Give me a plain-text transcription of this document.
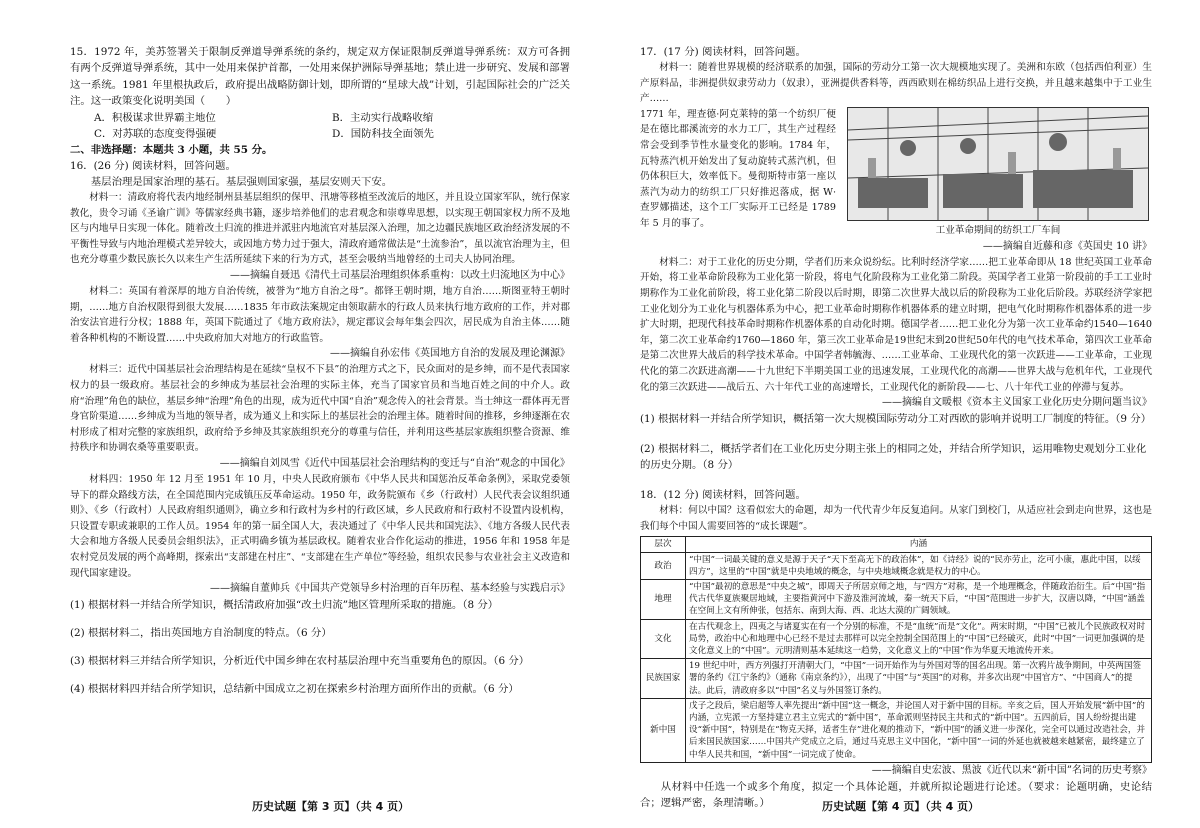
15．1972 年，美苏签署关于限制反弹道导弹系统的条约，规定双方保证限制反弹道导弹系统：双方可各拥有两个反弹道导弹系统，其中一处用来保护首都，一处用来保护洲际导弹基地；禁止进一步研究、发展和部署这一系统。1981 年里根执政后，政府提出战略防御计划，即所谓的“星球大战”计划，引起国际社会的广泛关注。这一政策变化说明美国（　　）

A．积极谋求世界霸主地位	B．主动实行战略收缩
C．对苏联的态度变得强硬	D．国防科技全面领先

二、非选择题：本题共 3 小题，共 55 分。

16．(26 分) 阅读材料，回答问题。

基层治理是国家治理的基石。基层强则国家强，基层安则天下安。

材料一：清政府将代表内地经制州县基层组织的保甲、汛塘等移植至改流后的地区，并且设立国家军队，统行保家教化，贵令习诵《圣谕广训》等儒家经典书籍，逐步培养他们的忠君观念和崇尊卑思想，以实现王朝国家权力所不及地区与内地早日实现一体化。随着改土归流的推进并派驻内地流官对基层深入治理，加之边疆民族地区政治经济发展的不平衡性导致与内地治理模式差异较大，或因地方势力过于强大，清政府通常做法是“土流参治”，虽以流官治理为主，但也充分尊重少数民族长久以来生产生活所延续下来的行为方式，甚至会吸纳当地曾经的土司夫人协同治理。

——摘编自聂迅《清代土司基层治理组织体系重构：以改土归流地区为中心》

材料二：英国有着深厚的地方自治传统，被誉为“地方自治之母”。都铎王朝时期，地方自治……斯图亚特王朝时期，……地方自治权限得到很大发展……1835 年市政法案规定由领取薪水的行政人员来执行地方政府的工作，并对郡治安法官进行分权；1888 年，英国下院通过了《地方政府法》，规定郡议会每年集会四次，居民成为自治主体……随着各种机构的不断设置……中央政府加大对地方的行政监管。

——摘编自孙宏伟《英国地方自治的发展及理论渊源》

材料三：近代中国基层社会治理结构是在延续“皇权不下县”的治理方式之下，民众面对的是乡绅，而不是代表国家权力的县一级政府。基层社会的乡绅成为基层社会治理的实际主体，充当了国家官员和当地百姓之间的中介人。政府“治理”角色的缺位，基层乡绅“治理”角色的出现，成为近代中国“自治”观念传入的社会背景。当士绅这一群体再无晋身官阶渠道……乡绅成为当地的领导者，成为通义上和实际上的基层社会的治理主体。随着时间的推移，乡绅逐渐在农村形成了相对完整的家族组织，政府给予乡绅及其家族组织充分的尊重与信任，并利用这些基层家族组织整合资源、维持秩序和协调农桑等重要职责。

——摘编自刘凤雪《近代中国基层社会治理结构的变迁与“自治”观念的中国化》

材料四：1950 年 12 月至 1951 年 10 月，中央人民政府颁布《中华人民共和国惩治反革命条例》，采取党委领导下的群众路线方法，在全国范围内完成镇压反革命运动。1950 年，政务院颁布《乡（行政村）人民代表会议组织通则》、《乡（行政村）人民政府组织通则》，确立乡和行政村为乡村的行政区域，乡人民政府和行政村不设置内设机构，只设置专职或兼职的工作人员。1954 年的第一届全国人大，表决通过了《中华人民共和国宪法》、《地方各级人民代表大会和地方各级人民委员会组织法》，正式明确乡镇为基层政权。随着农业合作化运动的推进，1956 年和 1958 年是农村党员发展的两个高峰期，探索出“支部建在村庄”、“支部建在生产单位”等经验，组织农民参与农业社会主义改造和现代国家建设。

——摘编自董帅兵《中国共产党领导乡村治理的百年历程、基本经验与实践启示》

(1) 根据材料一并结合所学知识，概括清政府加强“改土归流”地区管理所采取的措施。（8 分）

(2) 根据材料二，指出英国地方自治制度的特点。（6 分）

(3) 根据材料三并结合所学知识，分析近代中国乡绅在农村基层治理中充当重要角色的原因。（6 分）

(4) 根据材料四并结合所学知识，总结新中国成立之初在探索乡村治理方面所作出的贡献。（6 分）

历史试题【第 3 页】（共 4 页）

17．(17 分) 阅读材料，回答问题。

材料一：随着世界规模的经济联系的加强，国际的劳动分工第一次大规模地实现了。美洲和东欧（包括西伯利亚）生产原料品，非洲提供奴隶劳动力（奴隶），亚洲提供香料等，西西欧则在棉纺织品上进行交换，并且越来越集中于工业生产……

1771 年，理查德·阿克莱特的第一个纺织厂便是在德比郡溪流旁的水力工厂，其生产过程经常会受到季节性水量变化的影响。1784 年，瓦特蒸汽机开始发出了复动旋转式蒸汽机，但仍体积巨大，效率低下。曼彻斯特市第一座以蒸汽为动力的纺织工厂只好推迟落成，据 W·查罗娜描述，这个工厂实际开工已经是 1789 年 5 月的事了。

工业革命期间的纺织工厂车间

——摘编自近藤和彦《英国史 10 讲》

材料二：对于工业化的历史分期，学者们历来众说纷纭。比利时经济学家……把工业革命即从 18 世纪英国工业革命开始，将工业革命阶段称为工业化第一阶段，将电气化阶段称为工业化第二阶段。英国学者工业第一阶段前的手工工业时期称作为工业化前阶段，将工业化第二阶段以后时期，即第二次世界大战以后的阶段称为工业化后阶段。苏联经济学家把工业化划分为工业化与机器体系为中心，把工业革命时期称作机器体系的建立时期，把电气化时期称作机器体系的进一步扩大时期，把现代科技革命时期称作机器体系的自动化时期。德国学者……把工业化分为第一次工业革命约1540—1640 年，第二次工业革命约1760—1860 年，第三次工业革命是19世纪末到20世纪50年代的电气技术革命，第四次工业革命是第二次世界大战后的科学技术革命。中国学者韩毓海、……工业革命、工业现代化的第一次跃进——工业革命，工业现代化的第二次跃进高潮——十九世纪下半期美国工业的迅速发展，工业现代化的高潮——世界大战与危机年代，工业现代化的第三次跃进——战后五、六十年代工业的高速增长，工业现代化的新阶段——七、八十年代工业的停滞与复苏。

——摘编自文暖根《资本主义国家工业化历史分期问题当议》

(1) 根据材料一并结合所学知识，概括第一次大规模国际劳动分工对西欧的影响并说明工厂制度的特征。（9 分）

(2) 根据材料二，概括学者们在工业化历史分期主张上的相同之处，并结合所学知识，运用唯物史观划分工业化的历史分期。（8 分）

18．(12 分) 阅读材料，回答问题。

材料：何以中国？这看似宏大的命题，却为一代代青少年反复追问。从家门到校门，从适应社会到走向世界，这也是我们每个中国人需要回答的“成长课题”。

层次	内涵
政治	“中国”一词最关键的意义是源于天子“天下至高无下的政治体”，如《诗经》说的“民亦劳止，汔可小康，惠此中国，以绥四方”，这里的“中国”就是中央地域的概念，与中央地域概念就是权力的中心。
地理	“中国”最初的意思是“中央之城”，即周天子所居京师之地，与“四方”对称，是一个地理概念，伴随政治衍生。后“中国”指代古代华夏族聚居地域，主要指黄河中下游及淮河流域，秦一统天下后，“中国”范围进一步扩大，汉唐以降，“中国”涵盖在空间上文有所伸张，包括东、南到大海、西、北达大漠的广阔领域。
文化	在古代观念上，四夷之与诸夏实在有一个分别的标准，不是“血统”而是“文化”。两宋时期，“中国”已被儿个民族政权对时局势，政治中心和地理中心已经不是过去那样可以完全控制全国范围上的“中国”已经破灭，此时“中国”一词更加强调的是文化意义上的“中国”。元明清则基本延续这一趋势，文化意义上的“中国”作为华夏天地流传开来。
民族国家	19 世纪中叶，西方列强打开清朝大门，“中国”一词开始作为与外国对等的国名出现。第一次鸦片战争期间，中英两国签署的条约《江宁条约》（通称《南京条约》），出现了“中国”与“英国”的对称，并多次出现“中国官方”、“中国商人”的提法。此后，清政府多以“中国”名义与外国签订条约。
新中国	戊子之段后，梁启超等人率先提出“新中国”这一概念，并论国人对于新中国的目标。辛亥之后，国人开始发展“新中国”的内涵，立宪派一方坚持建立君主立宪式的“新中国”，革命派则坚持民主共和式的“新中国”。五四前后，国人纷纷提出建设“新中国”，特别是在“物克天择，适者生存”进化观的推动下，“新中国”的涵义进一步深化，完全可以通过改造社会，并后来国民族国家……中国共产党成立之后，通过马克思主义中国化，“新中国”一词的外延也就被越来越紧密，最终建立了中华人民共和国，“新中国”一词完成了使命。

——摘编自史宏波、黑波《近代以来“新中国”名词的历史考察》

从材料中任选一个或多个角度，拟定一个具体论题，并就所拟论题进行论述。（要求：论题明确，史论结合；逻辑严密，条理清晰。）	历史试题【第 4 页】（共 4 页）
